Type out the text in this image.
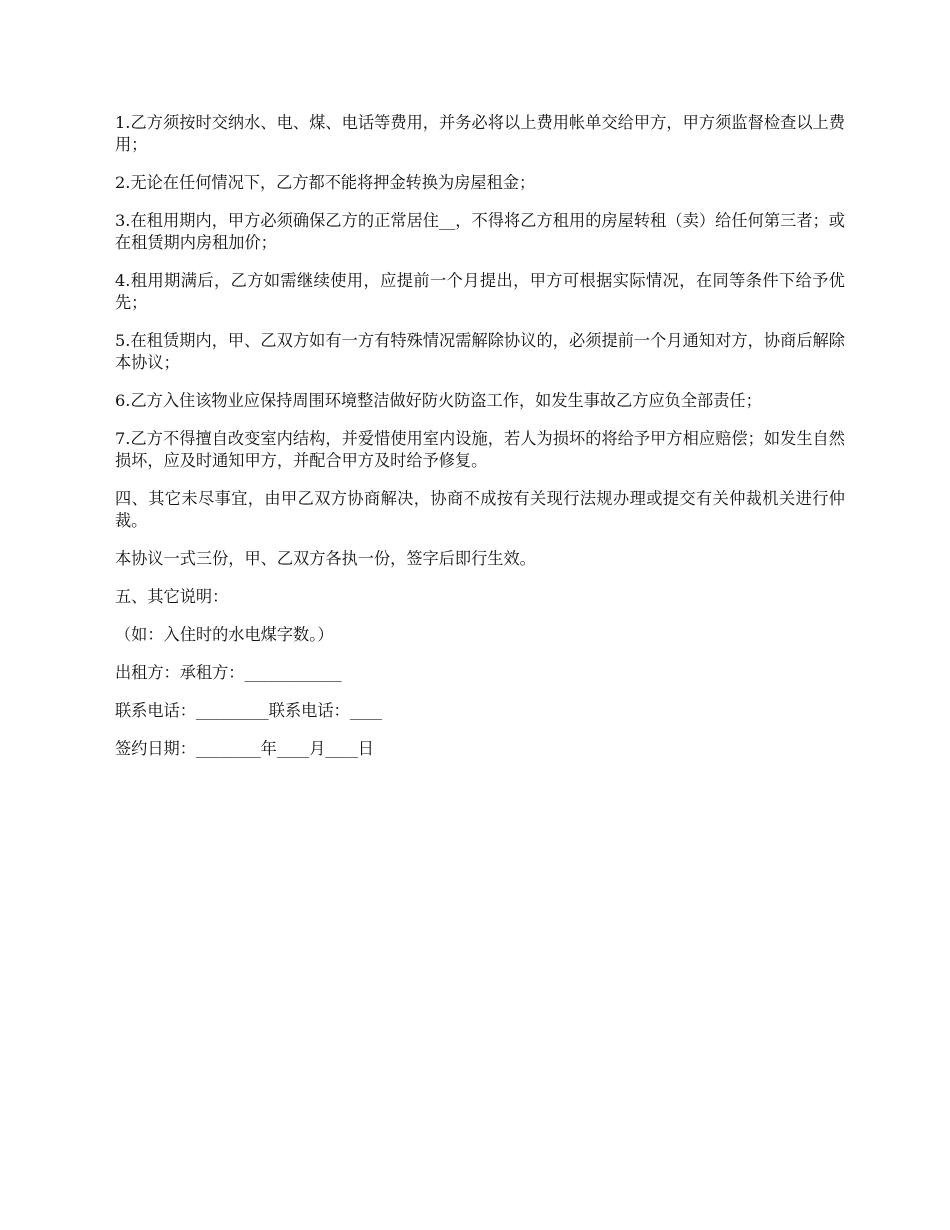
1.乙方须按时交纳水、电、煤、电话等费用，并务必将以上费用帐单交给甲方，甲方须监督检查以上费用；

2.无论在任何情况下，乙方都不能将押金转换为房屋租金；

3.在租用期内，甲方必须确保乙方的正常居住__，不得将乙方租用的房屋转租（卖）给任何第三者；或在租赁期内房租加价；

4.租用期满后，乙方如需继续使用，应提前一个月提出，甲方可根据实际情况，在同等条件下给予优先；

5.在租赁期内，甲、乙双方如有一方有特殊情况需解除协议的，必须提前一个月通知对方，协商后解除本协议；

6.乙方入住该物业应保持周围环境整洁做好防火防盗工作，如发生事故乙方应负全部责任；

7.乙方不得擅自改变室内结构，并爱惜使用室内设施，若人为损坏的将给予甲方相应赔偿；如发生自然损坏，应及时通知甲方，并配合甲方及时给予修复。

四、其它未尽事宜，由甲乙双方协商解决，协商不成按有关现行法规办理或提交有关仲裁机关进行仲裁。

本协议一式三份，甲、乙双方各执一份，签字后即行生效。

五、其它说明：

（如：入住时的水电煤字数。）

出租方：承租方：____________

联系电话：_________联系电话：____

签约日期：________年____月____日
